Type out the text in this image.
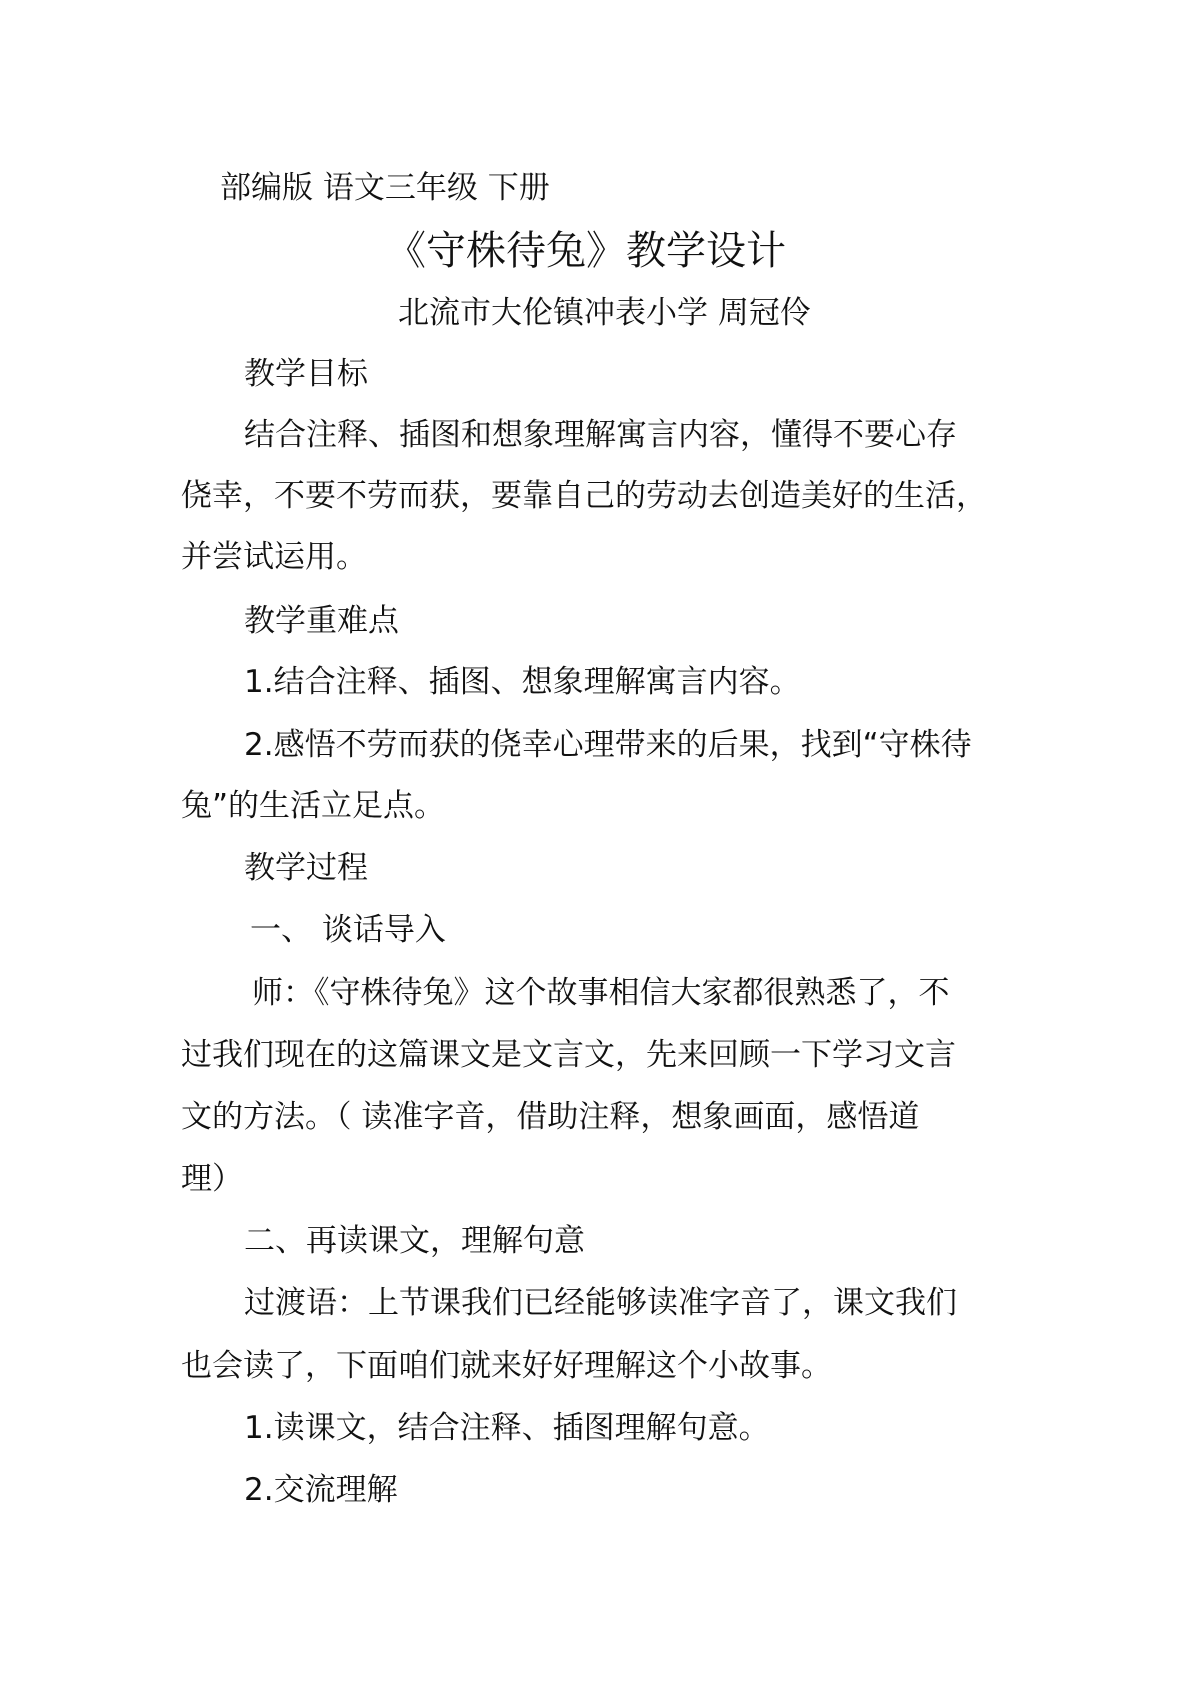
部编版 语文三年级 下册

《守株待兔》教学设计

北流市大伦镇冲表小学 周冠伶

教学目标

结合注释、插图和想象理解寓言内容，懂得不要心存

侥幸，不要不劳而获，要靠自己的劳动去创造美好的生活，

并尝试运用。

教学重难点

1.结合注释、插图、想象理解寓言内容。

2.感悟不劳而获的侥幸心理带来的后果，找到“守株待

兔”的生活立足点。

教学过程

一、 谈话导入

师：《守株待兔》这个故事相信大家都很熟悉了，不

过我们现在的这篇课文是文言文，先来回顾一下学习文言

文的方法。（ 读准字音，借助注释，想象画面，感悟道

理）

二、再读课文，理解句意

过渡语：上节课我们已经能够读准字音了，课文我们

也会读了，下面咱们就来好好理解这个小故事。

1.读课文，结合注释、插图理解句意。

2.交流理解
